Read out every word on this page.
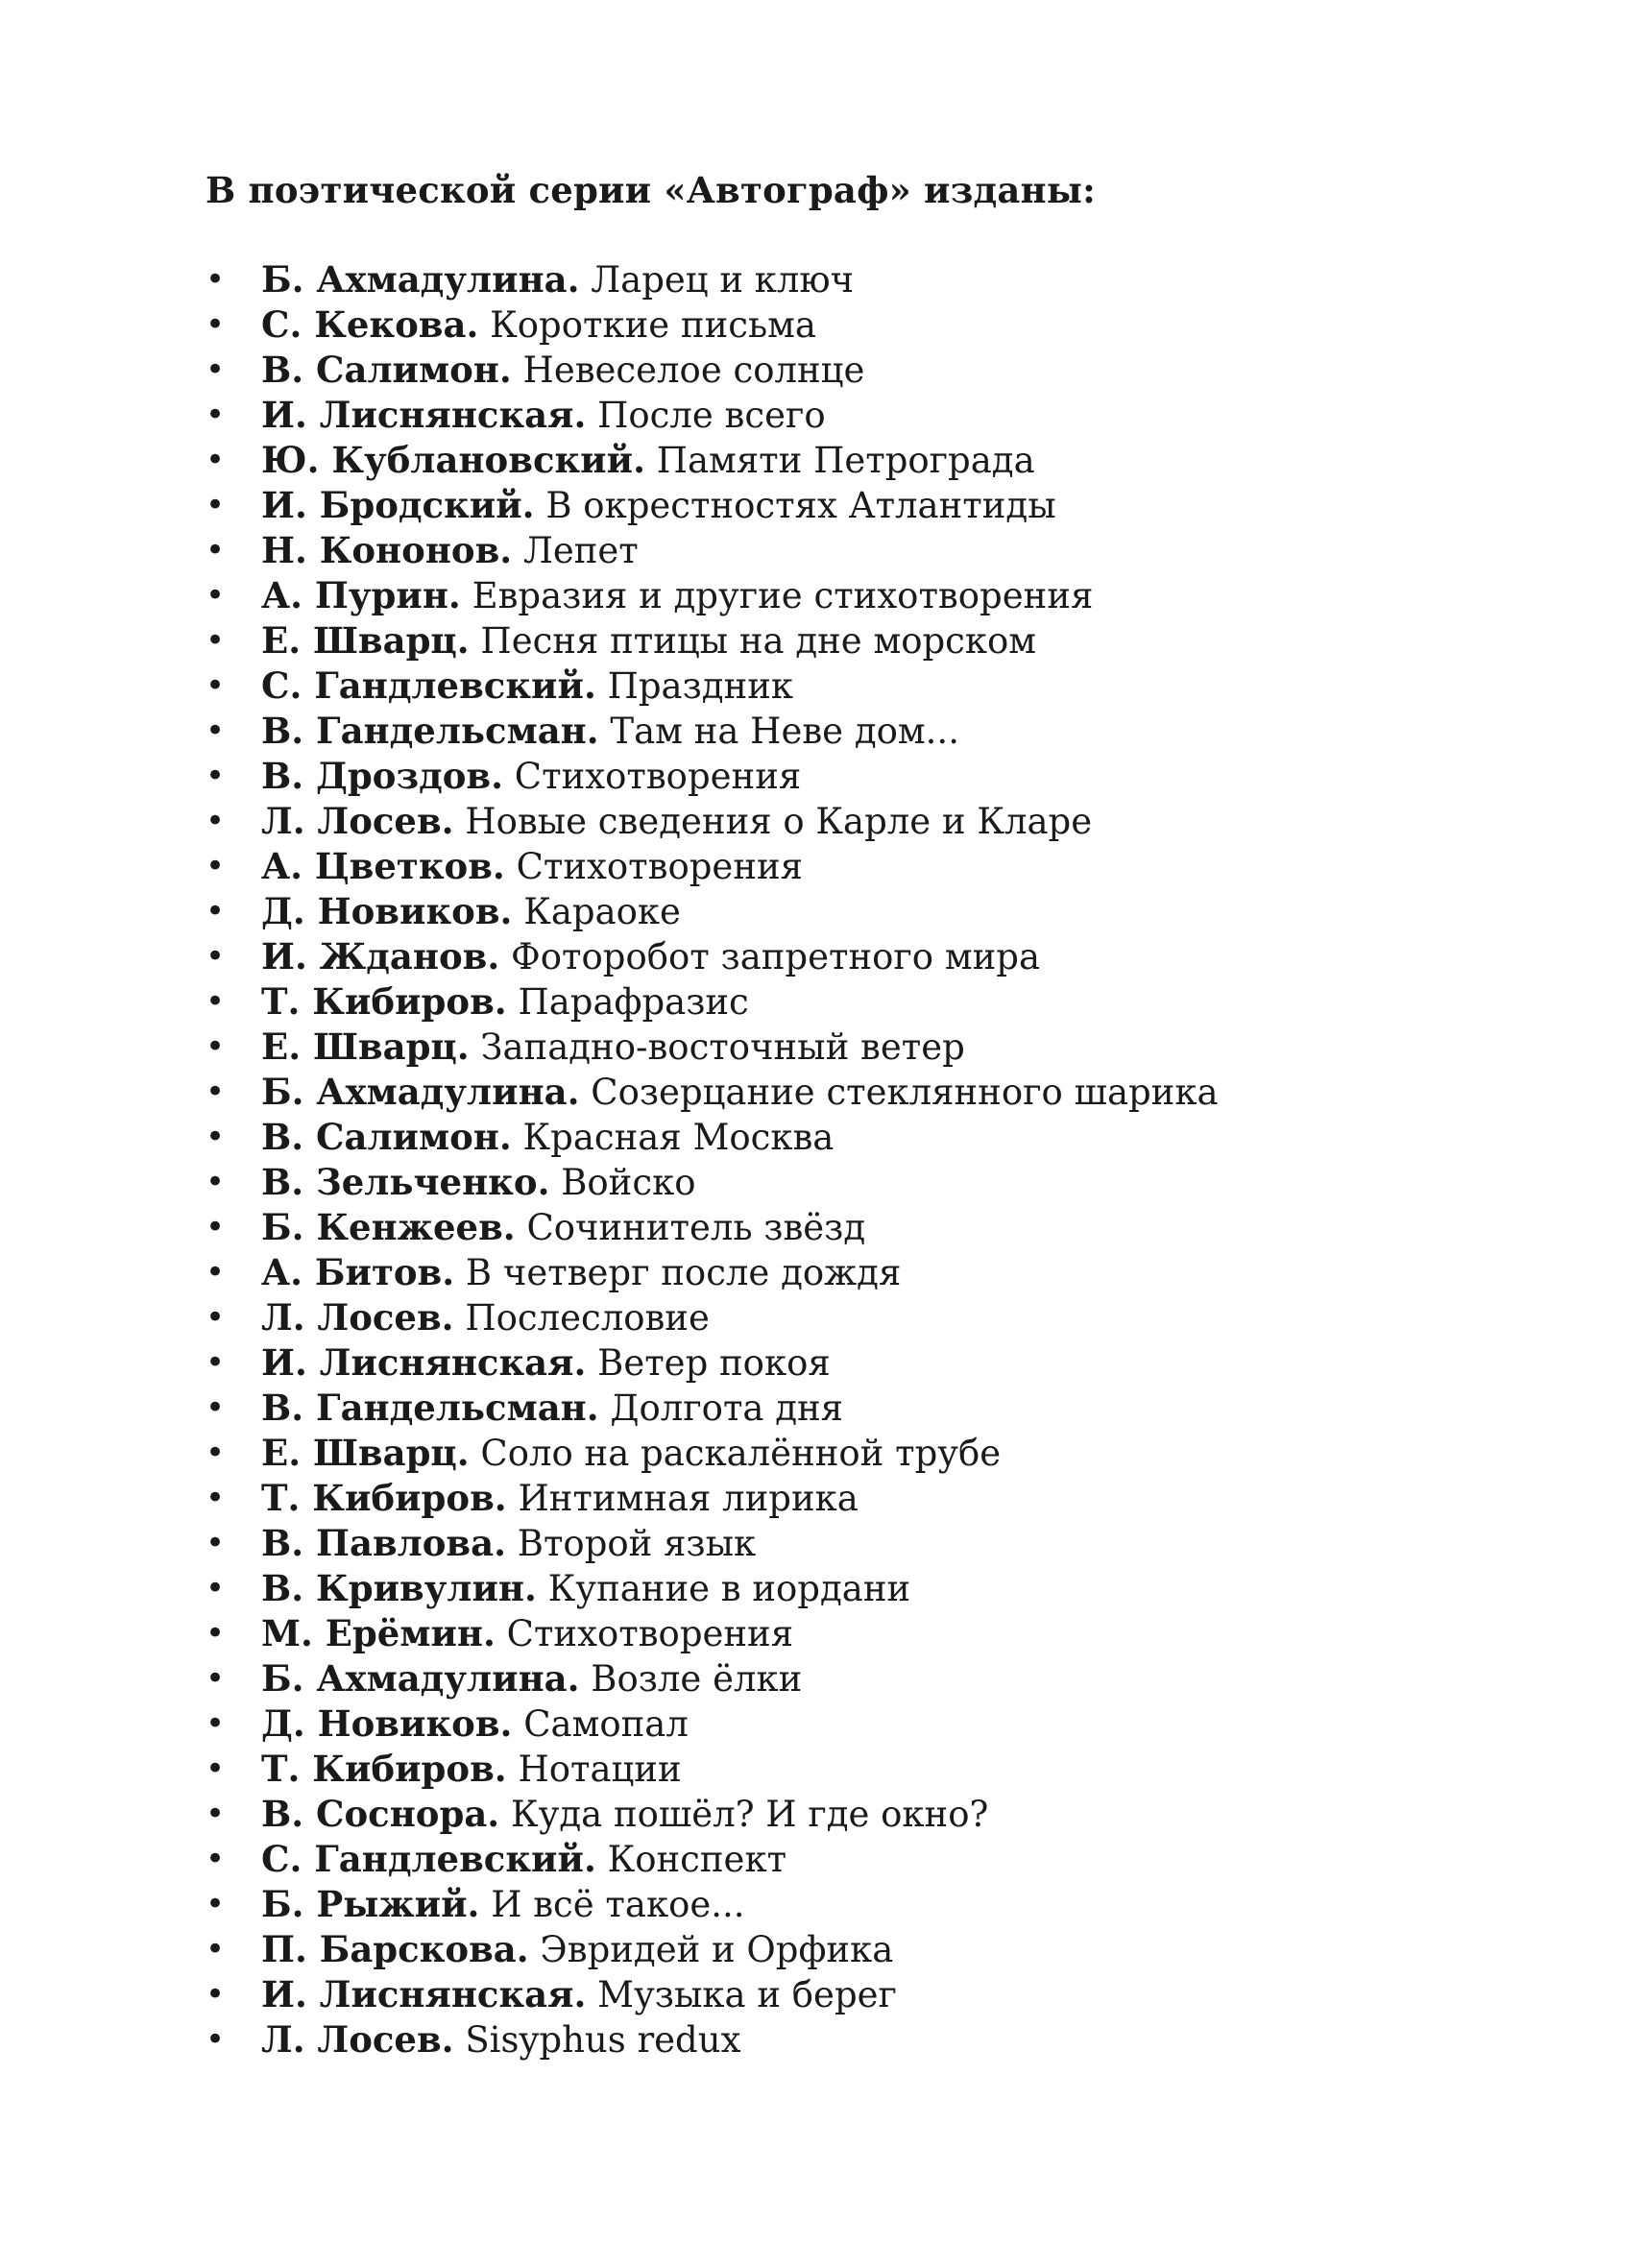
В поэтической серии «Автограф» изданы:
• Б. Ахмадулина. Ларец и ключ
• С. Кекова. Короткие письма
• В. Салимон. Невеселое солнце
• И. Лиснянская. После всего
• Ю. Кублановский. Памяти Петрограда
• И. Бродский. В окрестностях Атлантиды
• Н. Кононов. Лепет
• А. Пурин. Евразия и другие стихотворения
• Е. Шварц. Песня птицы на дне морском
• С. Гандлевский. Праздник
• В. Гандельсман. Там на Неве дом...
• В. Дроздов. Стихотворения
• Л. Лосев. Новые сведения о Карле и Кларе
• А. Цветков. Стихотворения
• Д. Новиков. Караоке
• И. Жданов. Фоторобот запретного мира
• Т. Кибиров. Парафразис
• Е. Шварц. Западно-восточный ветер
• Б. Ахмадулина. Созерцание стеклянного шарика
• В. Салимон. Красная Москва
• В. Зельченко. Войско
• Б. Кенжеев. Сочинитель звёзд
• А. Битов. В четверг после дождя
• Л. Лосев. Послесловие
• И. Лиснянская. Ветер покоя
• В. Гандельсман. Долгота дня
• Е. Шварц. Соло на раскалённой трубе
• Т. Кибиров. Интимная лирика
• В. Павлова. Второй язык
• В. Кривулин. Купание в иордани
• М. Ерёмин. Стихотворения
• Б. Ахмадулина. Возле ёлки
• Д. Новиков. Самопал
• Т. Кибиров. Нотации
• В. Соснора. Куда пошёл? И где окно?
• С. Гандлевский. Конспект
• Б. Рыжий. И всё такое...
• П. Барскова. Эвридей и Орфика
• И. Лиснянская. Музыка и берег
• Л. Лосев. Sisyphus redux
